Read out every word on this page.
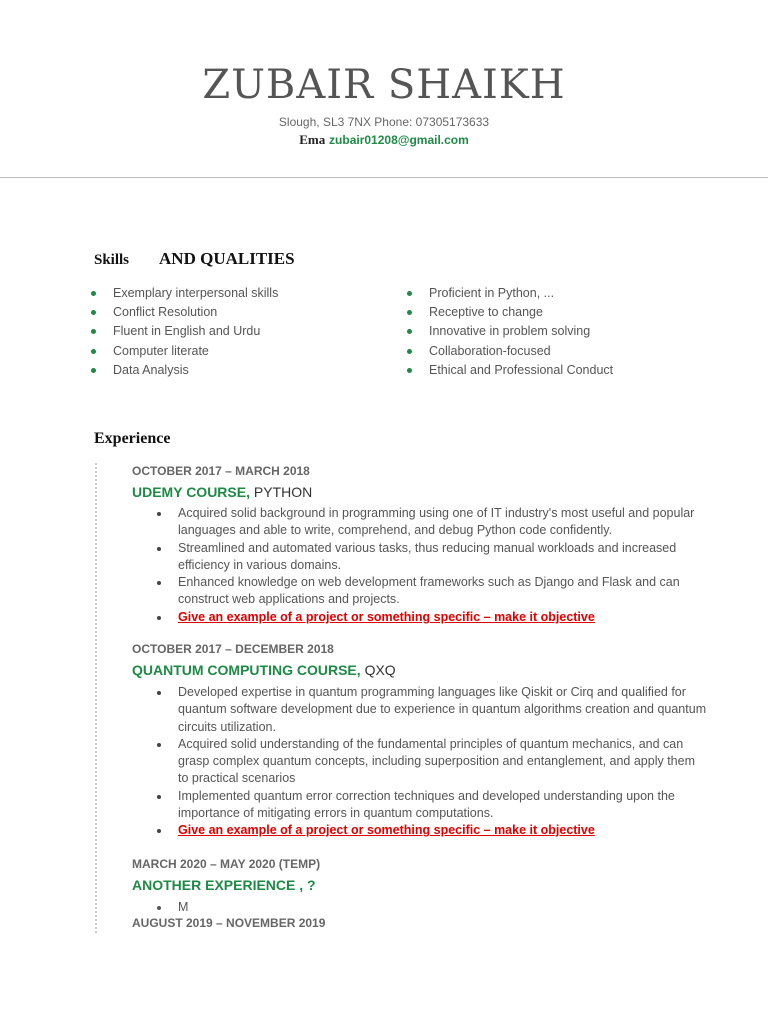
ZUBAIR SHAIKH
Slough, SL3 7NX Phone: 07305173633
Ema zubair01208@gmail.com
Skills AND QUALITIES
Exemplary interpersonal skills
Conflict Resolution
Fluent in English and Urdu
Computer literate
Data Analysis
Proficient in Python, ...
Receptive to change
Innovative in problem solving
Collaboration-focused
Ethical and Professional Conduct
Experience
OCTOBER 2017 – MARCH 2018
UDEMY COURSE, PYTHON
Acquired solid background in programming using one of IT industry's most useful and popular languages and able to write, comprehend, and debug Python code confidently.
Streamlined and automated various tasks, thus reducing manual workloads and increased efficiency in various domains.
Enhanced knowledge on web development frameworks such as Django and Flask and can construct web applications and projects.
Give an example of a project or something specific – make it objective
OCTOBER 2017 – DECEMBER 2018
QUANTUM COMPUTING COURSE, QXQ
Developed expertise in quantum programming languages like Qiskit or Cirq and qualified for quantum software development due to experience in quantum algorithms creation and quantum circuits utilization.
Acquired solid understanding of the fundamental principles of quantum mechanics, and can grasp complex quantum concepts, including superposition and entanglement, and apply them to practical scenarios
Implemented quantum error correction techniques and developed understanding upon the importance of mitigating errors in quantum computations.
Give an example of a project or something specific – make it objective
MARCH 2020 – MAY 2020 (TEMP)
ANOTHER EXPERIENCE , ?
M
AUGUST 2019 – NOVEMBER 2019
